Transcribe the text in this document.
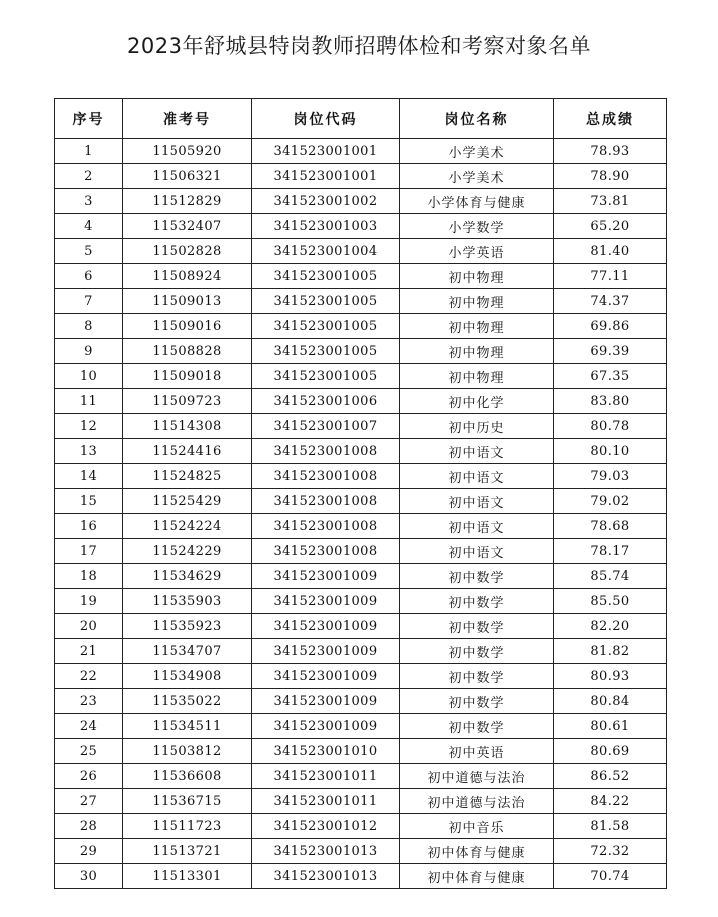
2023年舒城县特岗教师招聘体检和考察对象名单
序号	准考号	岗位代码	岗位名称	总成绩
1	11505920	341523001001	小学美术	78.93
2	11506321	341523001001	小学美术	78.90
3	11512829	341523001002	小学体育与健康	73.81
4	11532407	341523001003	小学数学	65.20
5	11502828	341523001004	小学英语	81.40
6	11508924	341523001005	初中物理	77.11
7	11509013	341523001005	初中物理	74.37
8	11509016	341523001005	初中物理	69.86
9	11508828	341523001005	初中物理	69.39
10	11509018	341523001005	初中物理	67.35
11	11509723	341523001006	初中化学	83.80
12	11514308	341523001007	初中历史	80.78
13	11524416	341523001008	初中语文	80.10
14	11524825	341523001008	初中语文	79.03
15	11525429	341523001008	初中语文	79.02
16	11524224	341523001008	初中语文	78.68
17	11524229	341523001008	初中语文	78.17
18	11534629	341523001009	初中数学	85.74
19	11535903	341523001009	初中数学	85.50
20	11535923	341523001009	初中数学	82.20
21	11534707	341523001009	初中数学	81.82
22	11534908	341523001009	初中数学	80.93
23	11535022	341523001009	初中数学	80.84
24	11534511	341523001009	初中数学	80.61
25	11503812	341523001010	初中英语	80.69
26	11536608	341523001011	初中道德与法治	86.52
27	11536715	341523001011	初中道德与法治	84.22
28	11511723	341523001012	初中音乐	81.58
29	11513721	341523001013	初中体育与健康	72.32
30	11513301	341523001013	初中体育与健康	70.74
